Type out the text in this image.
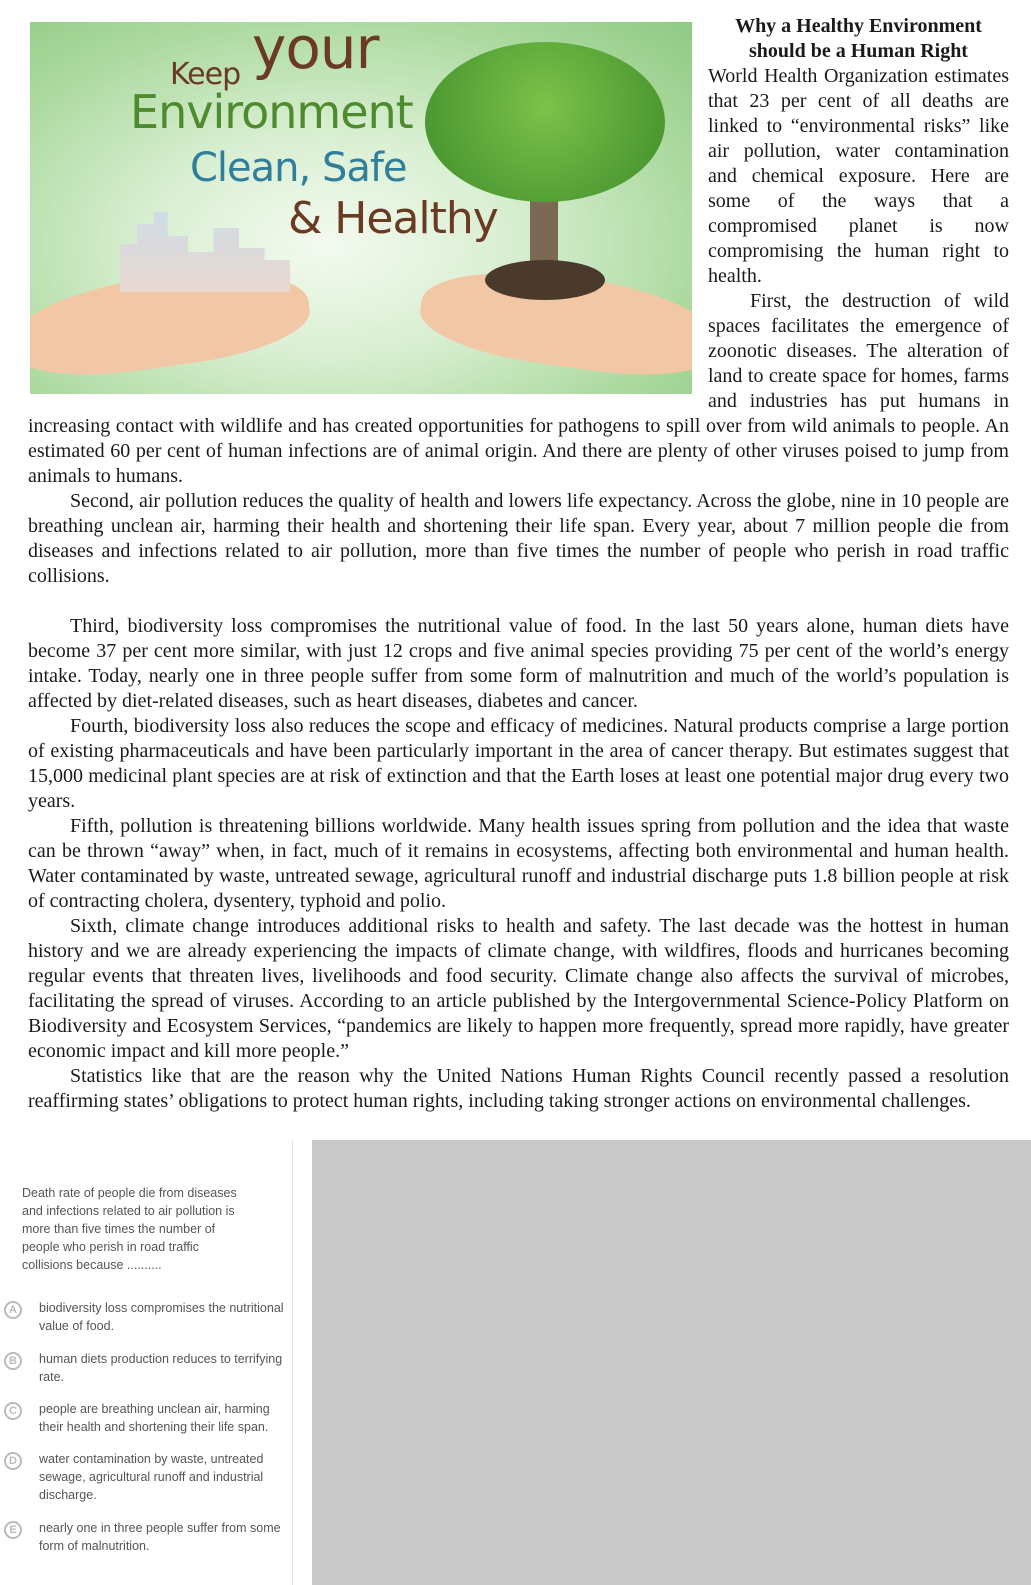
Keep your
Environment
Clean, Safe
& Healthy
Why a Healthy Environment
should be a Human Right

World Health Organization estimates that 23 per cent of all deaths are linked to “environmental risks” like air pollution, water contamination and chemical exposure. Here are some of the ways that a compromised planet is now compromising the human right to health.

First, the destruction of wild spaces facilitates the emergence of zoonotic diseases. The alteration of land to create space for homes, farms and industries has put humans in increasing contact with wildlife and has created opportunities for pathogens to spill over from wild animals to people. An estimated 60 per cent of human infections are of animal origin. And there are plenty of other viruses poised to jump from animals to humans.

Second, air pollution reduces the quality of health and lowers life expectancy. Across the globe, nine in 10 people are breathing unclean air, harming their health and shortening their life span. Every year, about 7 million people die from diseases and infections related to air pollution, more than five times the number of people who perish in road traffic collisions.

Third, biodiversity loss compromises the nutritional value of food. In the last 50 years alone, human diets have become 37 per cent more similar, with just 12 crops and five animal species providing 75 per cent of the world’s energy intake. Today, nearly one in three people suffer from some form of malnutrition and much of the world’s population is affected by diet-related diseases, such as heart diseases, diabetes and cancer.

Fourth, biodiversity loss also reduces the scope and efficacy of medicines. Natural products comprise a large portion of existing pharmaceuticals and have been particularly important in the area of cancer therapy. But estimates suggest that 15,000 medicinal plant species are at risk of extinction and that the Earth loses at least one potential major drug every two years.

Fifth, pollution is threatening billions worldwide. Many health issues spring from pollution and the idea that waste can be thrown “away” when, in fact, much of it remains in ecosystems, affecting both environmental and human health. Water contaminated by waste, untreated sewage, agricultural runoff and industrial discharge puts 1.8 billion people at risk of contracting cholera, dysentery, typhoid and polio.

Sixth, climate change introduces additional risks to health and safety. The last decade was the hottest in human history and we are already experiencing the impacts of climate change, with wildfires, floods and hurricanes becoming regular events that threaten lives, livelihoods and food security. Climate change also affects the survival of microbes, facilitating the spread of viruses. According to an article published by the Intergovernmental Science-Policy Platform on Biodiversity and Ecosystem Services, “pandemics are likely to happen more frequently, spread more rapidly, have greater economic impact and kill more people.”

Statistics like that are the reason why the United Nations Human Rights Council recently passed a resolution reaffirming states’ obligations to protect human rights, including taking stronger actions on environmental challenges.

Death rate of people die from diseases and infections related to air pollution is more than five times the number of people who perish in road traffic collisions because ..........
A	biodiversity loss compromises the nutritional value of food.
B	human diets production reduces to terrifying rate.
C	people are breathing unclean air, harming their health and shortening their life span.
D	water contamination by waste, untreated sewage, agricultural runoff and industrial discharge.
E	nearly one in three people suffer from some form of malnutrition.
